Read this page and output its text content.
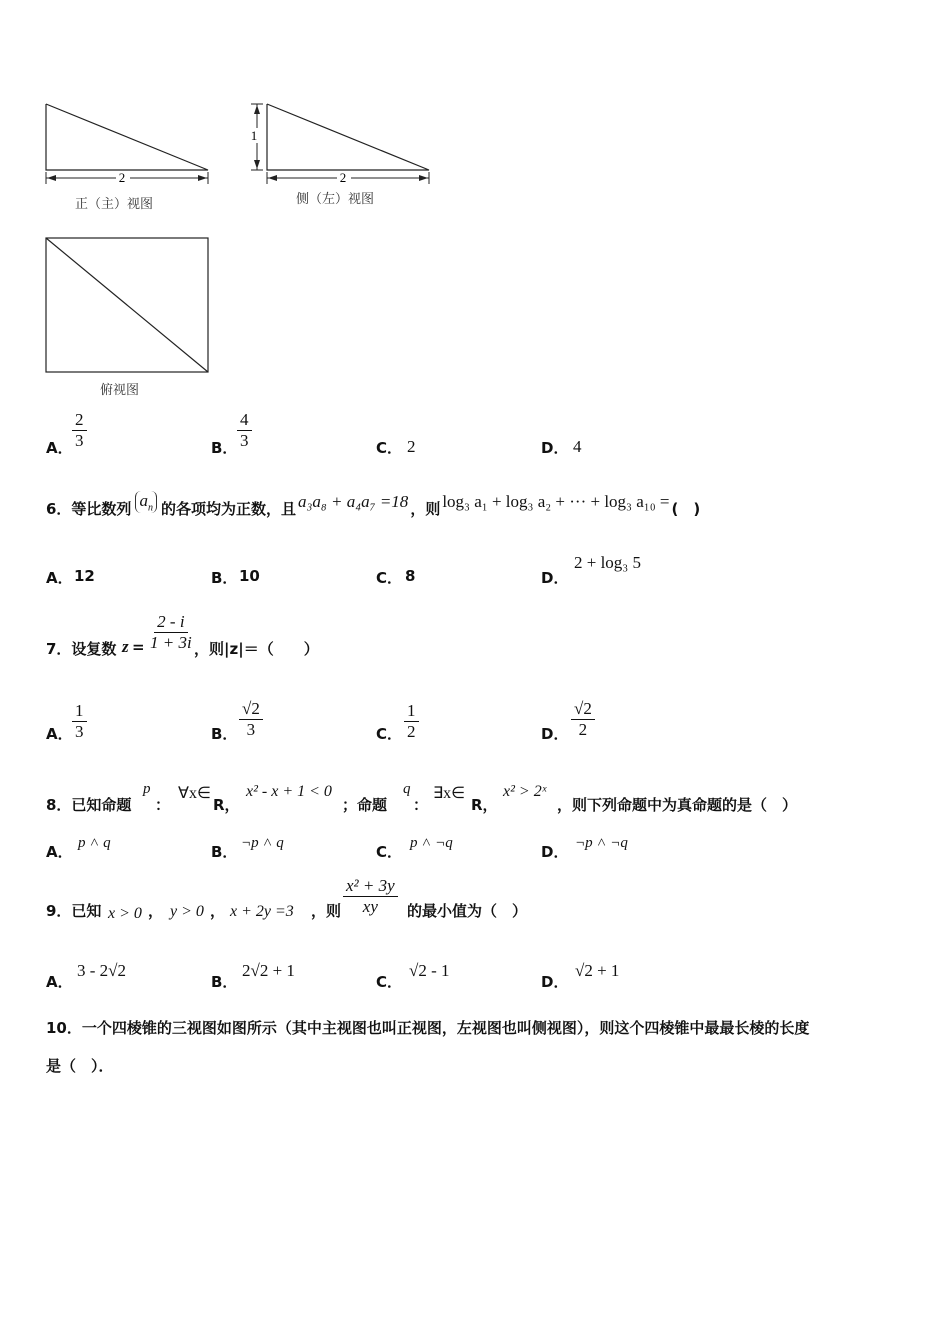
2
正（主）视图
1
2
侧（左）视图
俯视图
A． $\frac{2}{3}$	B． $\frac{4}{3}$	C． 2	D． 4
6．等比数列 $a_n$ 的各项均为正数，且 a₃a₈ + a₄a₇ =18 ，则 log₃ a₁ + log₃ a₂ + ··· + log₃ a₁₀ = (　)
A． 12	B． 10	C． 8	D．
2 + log₃ 5
7．设复数 $z = \frac{2 - i}{1 + 3i}$ ，则|z|＝（　　）
A． $\frac{1}{3}$	B． $\frac{√2}{3}$	C． $\frac{1}{2}$	D． $\frac{√2}{2}$
8．已知命题
p
：
∀x∈
R，
x² - x + 1 < 0
；命题
q
：
∃x∈
R，
x² > 2ˣ
，则下列命题中为真命题的是（　）
A． p ˄ q	B． ¬p ˄ q	C． p ˄ ¬q	D． ¬p ˄ ¬q
9．已知 x > 0 ， y > 0 ， x + 2y =3 ，则 $\frac{\text{x² + 3y}}{xy}$ 的最小值为（　）
A．
3 - 2√2
B．
2√2 + 1
C．
√2 - 1
D．
√2 + 1
10．一个四棱锥的三视图如图所示（其中主视图也叫正视图，左视图也叫侧视图），则这个四棱锥中最最长棱的长度
是（　）．
